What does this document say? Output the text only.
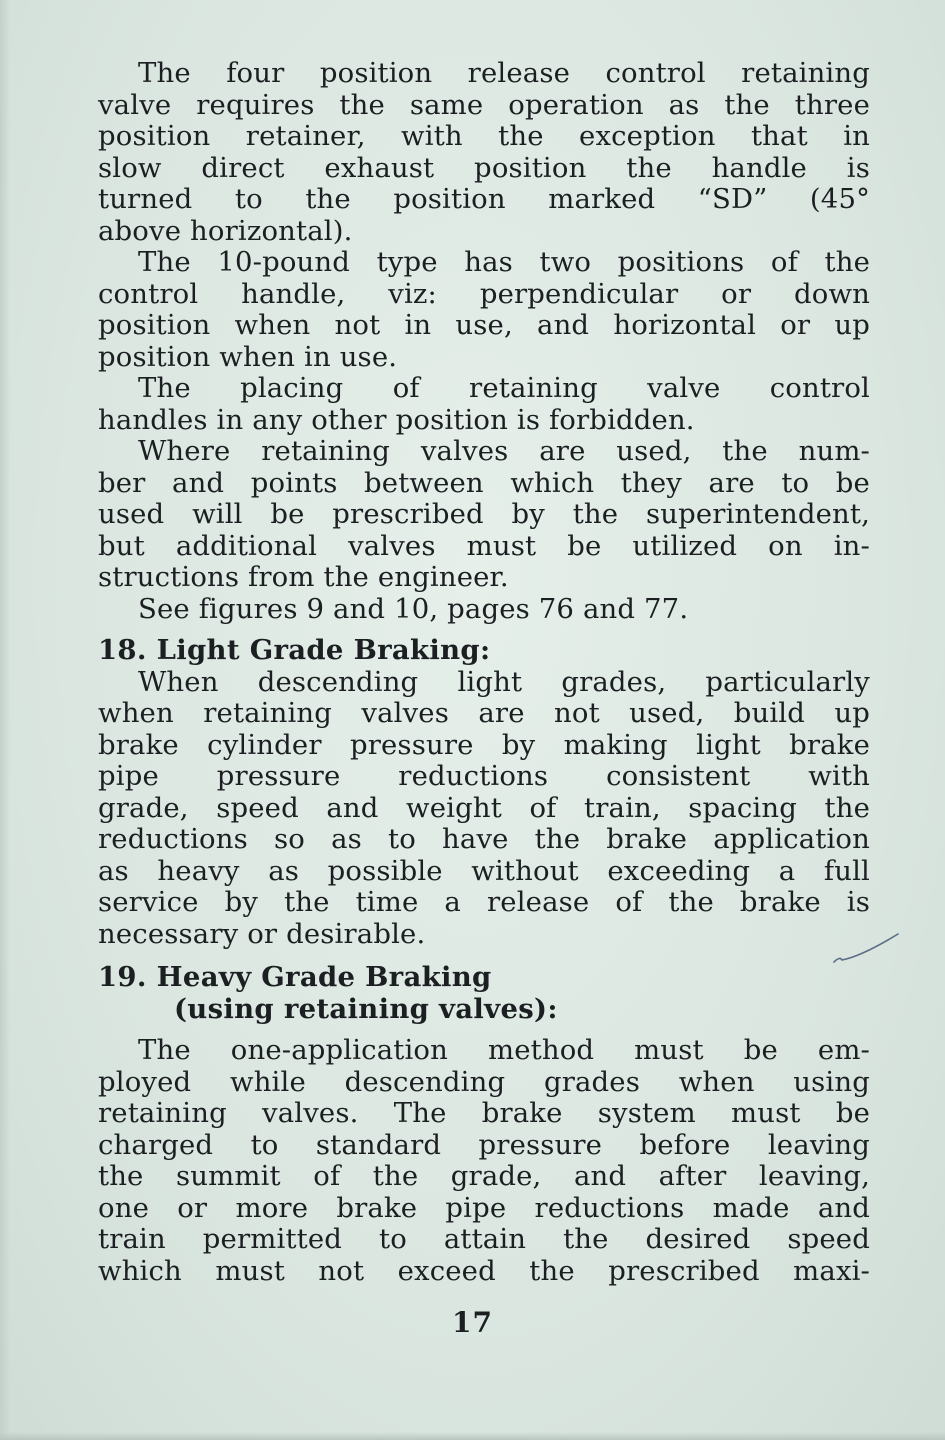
The four position release control retaining
valve requires the same operation as the three
position retainer, with the exception that in
slow direct exhaust position the handle is
turned to the position marked “SD” (45°
above horizontal).
The 10-pound type has two positions of the
control handle, viz: perpendicular or down
position when not in use, and horizontal or up
position when in use.
The placing of retaining valve control
handles in any other position is forbidden.
Where retaining valves are used, the num-
ber and points between which they are to be
used will be prescribed by the superintendent,
but additional valves must be utilized on in-
structions from the engineer.
See figures 9 and 10, pages 76 and 77.
18. Light Grade Braking:
When descending light grades, particularly
when retaining valves are not used, build up
brake cylinder pressure by making light brake
pipe pressure reductions consistent with
grade, speed and weight of train, spacing the
reductions so as to have the brake application
as heavy as possible without exceeding a full
service by the time a release of the brake is
necessary or desirable.
19. Heavy Grade Braking
(using retaining valves):
The one-application method must be em-
ployed while descending grades when using
retaining valves. The brake system must be
charged to standard pressure before leaving
the summit of the grade, and after leaving,
one or more brake pipe reductions made and
train permitted to attain the desired speed
which must not exceed the prescribed maxi-
17
